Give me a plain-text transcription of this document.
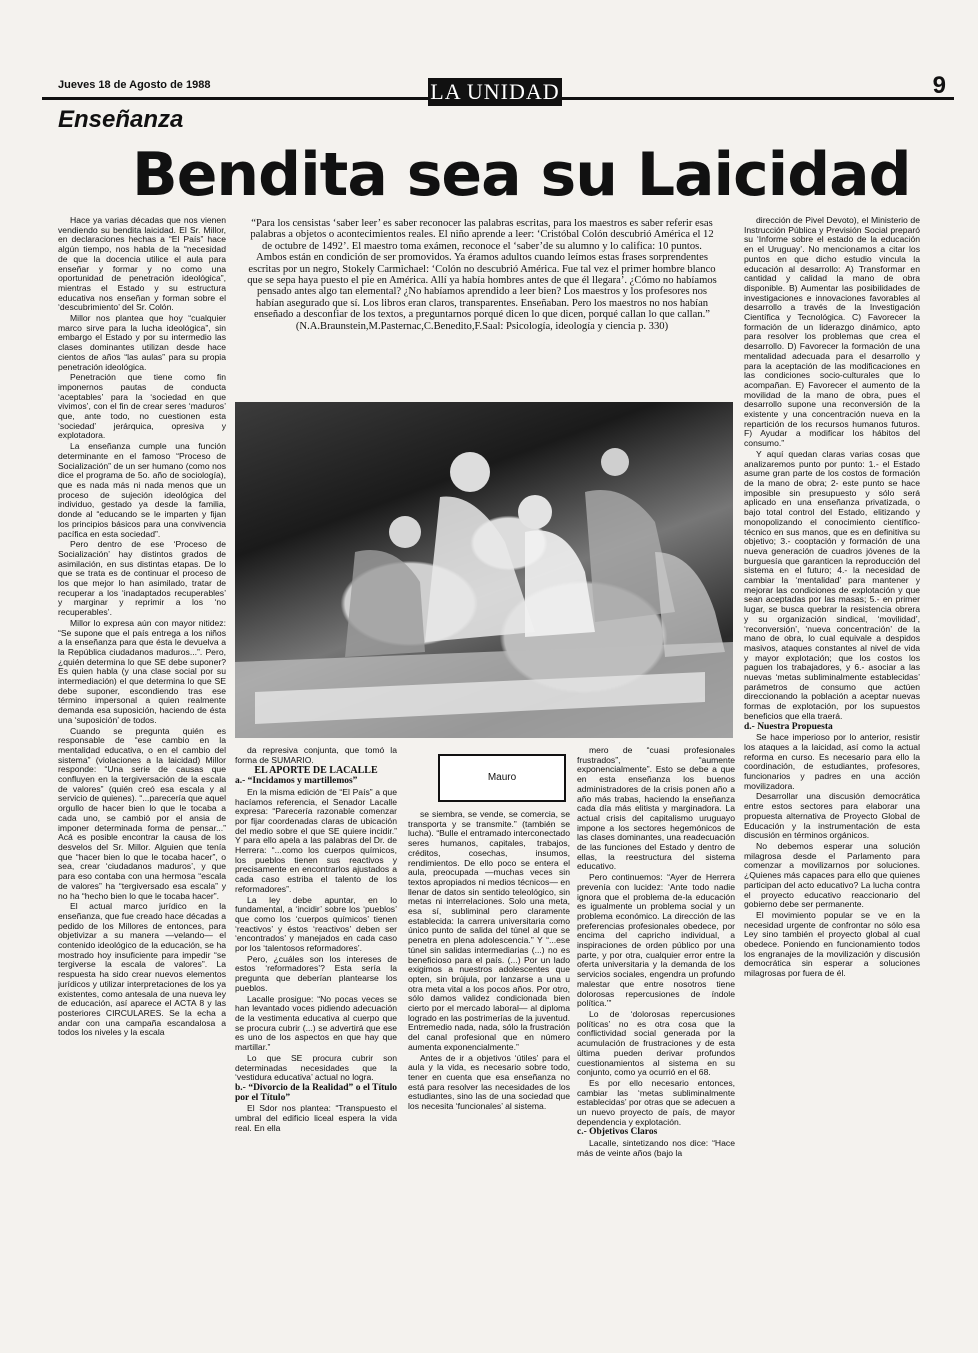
Jueves 18 de Agosto de 1988	LA UNIDAD	9
Enseñanza
Bendita sea su Laicidad

Hace ya varias décadas que nos vienen vendiendo su bendita laicidad. El Sr. Millor, en declaraciones hechas a “El País” hace algún tiempo, nos habla de la “necesidad de que la docencia utilice el aula para enseñar y formar y no como una oportunidad de penetración ideológica”, mientras el Estado y su estructura educativa nos enseñan y forman sobre el ‘descubrimiento’ del Sr. Colón.

Millor nos plantea que hoy “cualquier marco sirve para la lucha ideológica”, sin embargo el Estado y por su intermedio las clases dominantes utilizan desde hace cientos de años “las aulas” para su propia penetración ideológica.

Penetración que tiene como fin imponernos pautas de conducta ‘aceptables’ para la ‘sociedad en que vivimos’, con el fin de crear seres ‘maduros’ que, ante todo, no cuestionen esta ‘sociedad’ jerárquica, opresiva y explotadora.

La enseñanza cumple una función determinante en el famoso “Proceso de Socialización” de un ser humano (como nos dice el programa de 5o. año de sociología), que es nada más ni nada menos que un proceso de sujeción ideológica del individuo, gestado ya desde la familia, donde al “educando se le imparten y fijan los principios básicos para una convivencia pacífica en esta sociedad”.

Pero dentro de ese ‘Proceso de Socialización’ hay distintos grados de asimilación, en sus distintas etapas. De lo que se trata es de continuar el proceso de los que mejor lo han asimilado, tratar de recuperar a los ‘inadaptados recuperables’ y marginar y reprimir a los ‘no recuperables’.

Millor lo expresa aún con mayor nitidez: “Se supone que el país entrega a los niños a la enseñanza para que ésta le devuelva a la República ciudadanos maduros...”. Pero, ¿quién determina lo que SE debe suponer? Es quien habla (y una clase social por su intermediación) el que determina lo que SE debe suponer, escondiendo tras ese término impersonal a quien realmente demanda esa suposición, haciendo de ésta una ‘suposición’ de todos.

Cuando se pregunta quién es responsable de “ese cambio en la mentalidad educativa, o en el cambio del sistema” (violaciones a la laicidad) Millor responde: “Una serie de causas que confluyen en la tergiversación de la escala de valores” (quién creó esa escala y al servicio de quienes). “...parecería que aquel orgullo de hacer bien lo que le tocaba a cada uno, se cambió por el ansia de imponer determinada forma de pensar...” Acá es posible encontrar la causa de los desvelos del Sr. Millor. Alguien que tenía que “hacer bien lo que le tocaba hacer”, o sea, crear ‘ciudadanos maduros’, y que para eso contaba con una hermosa “escala de valores” ha “tergiversado esa escala” y no ha “hecho bien lo que le tocaba hacer”.

El actual marco jurídico en la enseñanza, que fue creado hace décadas a pedido de los Millores de entonces, para objetivizar a su manera —velando— el contenido ideológico de la educación, se ha mostrado hoy insuficiente para impedir “se tergiverse la escala de valores”. La respuesta ha sido crear nuevos elementos jurídicos y utilizar interpretaciones de los ya existentes, como antesala de una nueva ley de educación, así aparece el ACTA 8 y las posteriores CIRCULARES. Se la echa a andar con una campaña escandalosa a todos los niveles y la escala

“Para los censistas ‘saber leer’ es saber reconocer las palabras escritas, para los maestros es saber referir esas palabras a objetos o acontecimientos reales. El niño aprende a leer: ‘Cristóbal Colón descubrió América el 12 de octubre de 1492’. El maestro toma exámen, reconoce el ‘saber’de su alumno y lo califica: 10 puntos. Ambos están en condición de ser promovidos. Ya éramos adultos cuando leímos estas frases sorprendentes escritas por un negro, Stokely Carmichael: ‘Colón no descubrió América. Fue tal vez el primer hombre blanco que se sepa haya puesto el pie en América. Allí ya había hombres antes de que él llegara’. ¿Cómo no habíamos pensado antes algo tan elemental? ¿No habíamos aprendido a leer bien? Los maestros y los profesores nos habían asegurado que sí. Los libros eran claros, transparentes. Enseñaban. Pero los maestros no nos habían enseñado a desconfiar de los textos, a preguntarnos porqué dicen lo que dicen, porqué callan lo que callan.”
(N.A.Braunstein,M.Pasternac,C.Benedito,F.Saal: Psicología, ideología y ciencia p. 330)

da represiva conjunta, que tomó la forma de SUMARIO.

EL APORTE DE LACALLE

a.- “Incidamos y martillemos”

En la misma edición de “El País” a que hacíamos referencia, el Senador Lacalle expresa: “Parecería razonable comenzar por fijar coordenadas claras de ubicación del medio sobre el que SE quiere incidir.” Y para ello apela a las palabras del Dr. de Herrera: “...como los cuerpos químicos, los pueblos tienen sus reactivos y precisamente en encontrarlos ajustados a cada caso estriba el talento de los reformadores”.

La ley debe apuntar, en lo fundamental, a ‘incidir’ sobre los ‘pueblos’ que como los ‘cuerpos químicos’ tienen ‘reactivos’ y éstos ‘reactivos’ deben ser ‘encontrados’ y manejados en cada caso por los ‘talentosos reformadores’.

Pero, ¿cuáles son los intereses de estos ‘reformadores’? Esta sería la pregunta que deberían plantearse los pueblos.

Lacalle prosigue: “No pocas veces se han levantado voces pidiendo adecuación de la vestimenta educativa al cuerpo que se procura cubrir (...) se advertirá que ese es uno de los aspectos en que hay que martillar.”

Lo que SE procura cubrir son determinadas necesidades que la ‘vestidura educativa’ actual no logra.

b.- “Divorcio de la Realidad” o el Título por el Título”

El Sdor nos plantea: “Transpuesto el umbral del edificio liceal espera la vida real. En ella

Mauro

se siembra, se vende, se comercia, se transporta y se transmite.” (también se lucha). “Bulle el entramado interconectado seres humanos, capitales, trabajos, créditos, cosechas, insumos, rendimientos. De ello poco se entera el aula, preocupada —muchas veces sin textos apropiados ni medios técnicos— en llenar de datos sin sentido teleológico, sin metas ni interrelaciones. Solo una meta, esa sí, subliminal pero claramente establecida: la carrera universitaria como único punto de salida del túnel al que se penetra en plena adolescencia.” Y “...ese túnel sin salidas intermediarias (...) no es beneficioso para el país. (...) Por un lado exigimos a nuestros adolescentes que opten, sin brújula, por lanzarse a una u otra meta vital a los pocos años. Por otro, sólo damos validez condicionada bien cierto por el mercado laboral— al diploma logrado en las postrimerías de la juventud. Entremedio nada, nada, sólo la frustración del canal profesional que en número aumenta exponencialmente.”

Antes de ir a objetivos ‘útiles’ para el aula y la vida, es necesario sobre todo, tener en cuenta que esa enseñanza no está para resolver las necesidades de los estudiantes, sino las de una sociedad que los necesita ‘funcionales’ al sistema.

mero de “cuasi profesionales frustrados”, “aumente exponencialmente”. Esto se debe a que en esta enseñanza los buenos administradores de la crisis ponen año a año más trabas, haciendo la enseñanza cada día más elitista y marginadora. La actual crisis del capitalismo uruguayo impone a los sectores hegemónicos de las clases dominantes, una readecuación de las funciones del Estado y dentro de ellas, la reestructura del sistema educativo.

Pero continuemos: “Ayer de Herrera prevenía con lucidez: ‘Ante todo nadie ignora que el problema de-la educación es igualmente un problema social y un problema económico. La dirección de las preferencias profesionales obedece, por encima del capricho individual, a inspiraciones de orden público por una parte, y por otra, cualquier error entre la oferta universitaria y la demanda de los servicios sociales, engendra un profundo malestar que entre nosotros tiene dolorosas repercusiones de índole política.’”

Lo de ‘dolorosas repercusiones políticas’ no es otra cosa que la conflictividad social generada por la acumulación de frustraciones y de esta última pueden derivar profundos cuestionamientos al sistema en su conjunto, como ya ocurrió en el 68.

Es por ello necesario entonces, cambiar las ‘metas subliminalmente establecidas’ por otras que se adecuen a un nuevo proyecto de país, de mayor dependencia y explotación.

c.- Objetivos Claros

Lacalle, sintetizando nos dice: “Hace más de veinte años (bajo la

dirección de Pivel Devoto), el Ministerio de Instrucción Pública y Previsión Social preparó su ‘Informe sobre el estado de la educación en el Uruguay’. No mencionamos a citar los puntos en que dicho estudio vincula la educación al desarrollo: A) Transformar en cantidad y calidad la mano de obra disponible. B) Aumentar las posibilidades de investigaciones e innovaciones favorables al desarrollo a través de la Investigación Científica y Tecnológica. C) Favorecer la formación de un liderazgo dinámico, apto para resolver los problemas que crea el desarrollo. D) Favorecer la formación de una mentalidad adecuada para el desarrollo y para la aceptación de las modificaciones en las condiciones socio-culturales que lo acompañan. E) Favorecer el aumento de la movilidad de la mano de obra, pues el desarrollo supone una reconversión de la existente y una concentración nueva en la repartición de los recursos humanos futuros. F) Ayudar a modificar los hábitos del consumo.”

Y aquí quedan claras varias cosas que analizaremos punto por punto: 1.- el Estado asume gran parte de los costos de formación de la mano de obra; 2- este punto se hace imposible sin presupuesto y sólo será aplicado en una enseñanza privatizada, o bajo total control del Estado, elitizando y monopolizando el conocimiento científico-técnico en sus manos, que es en definitiva su objetivo; 3.- cooptación y formación de una nueva generación de cuadros jóvenes de la burguesía que garanticen la reproducción del sistema en el futuro; 4.- la necesidad de cambiar la ‘mentalidad’ para mantener y mejorar las condiciones de explotación y que sean aceptadas por las masas; 5.- en primer lugar, se busca quebrar la resistencia obrera y su organización sindical, ‘movilidad’, ‘reconversión’, ‘nueva concentración’ de la mano de obra, lo cual equivale a despidos masivos, ataques constantes al nivel de vida y mayor explotación; que los costos los paguen los trabajadores, y 6.- asociar a las nuevas ‘metas subliminalmente establecidas’ parámetros de consumo que actúen direccionando la población a aceptar nuevas formas de explotación, por los supuestos beneficios que ella traerá.

d.- Nuestra Propuesta

Se hace imperioso por lo anterior, resistir los ataques a la laicidad, así como la actual reforma en curso. Es necesario para ello la coordinación, de estudiantes, profesores, funcionarios y padres en una acción movilizadora.

Desarrollar una discusión democrática entre estos sectores para elaborar una propuesta alternativa de Proyecto Global de Educación y la instrumentación de esta discusión en términos orgánicos.

No debemos esperar una solución milagrosa desde el Parlamento para comenzar a movilizarnos por soluciones. ¿Quienes más capaces para ello que quienes participan del acto educativo? La lucha contra el proyecto educativo reaccionario del gobierno debe ser permanente.

El movimiento popular se ve en la necesidad urgente de confrontar no sólo esa Ley sino también el proyecto global al cual obedece. Poniendo en funcionamiento todos los engranajes de la movilización y discusión democrática sin esperar a soluciones milagrosas por fuera de él.
